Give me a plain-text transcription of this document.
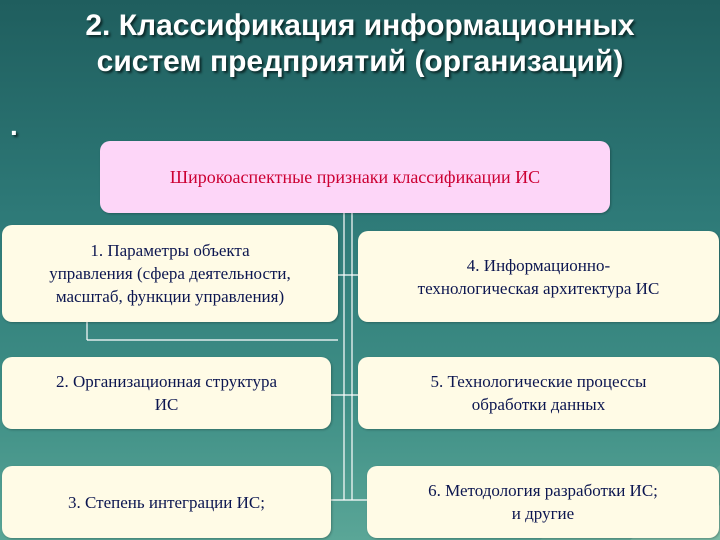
2. Классификация информационных
систем предприятий (организаций)
.
Широкоаспектные признаки классификации ИС
1. Параметры объекта
управления (сфера деятельности,
масштаб, функции управления)
2. Организационная структура
ИС
3. Степень интеграции ИС;
4. Информационно-
технологическая архитектура ИС
5. Технологические процессы
обработки данных
6. Методология разработки ИС;
и другие
